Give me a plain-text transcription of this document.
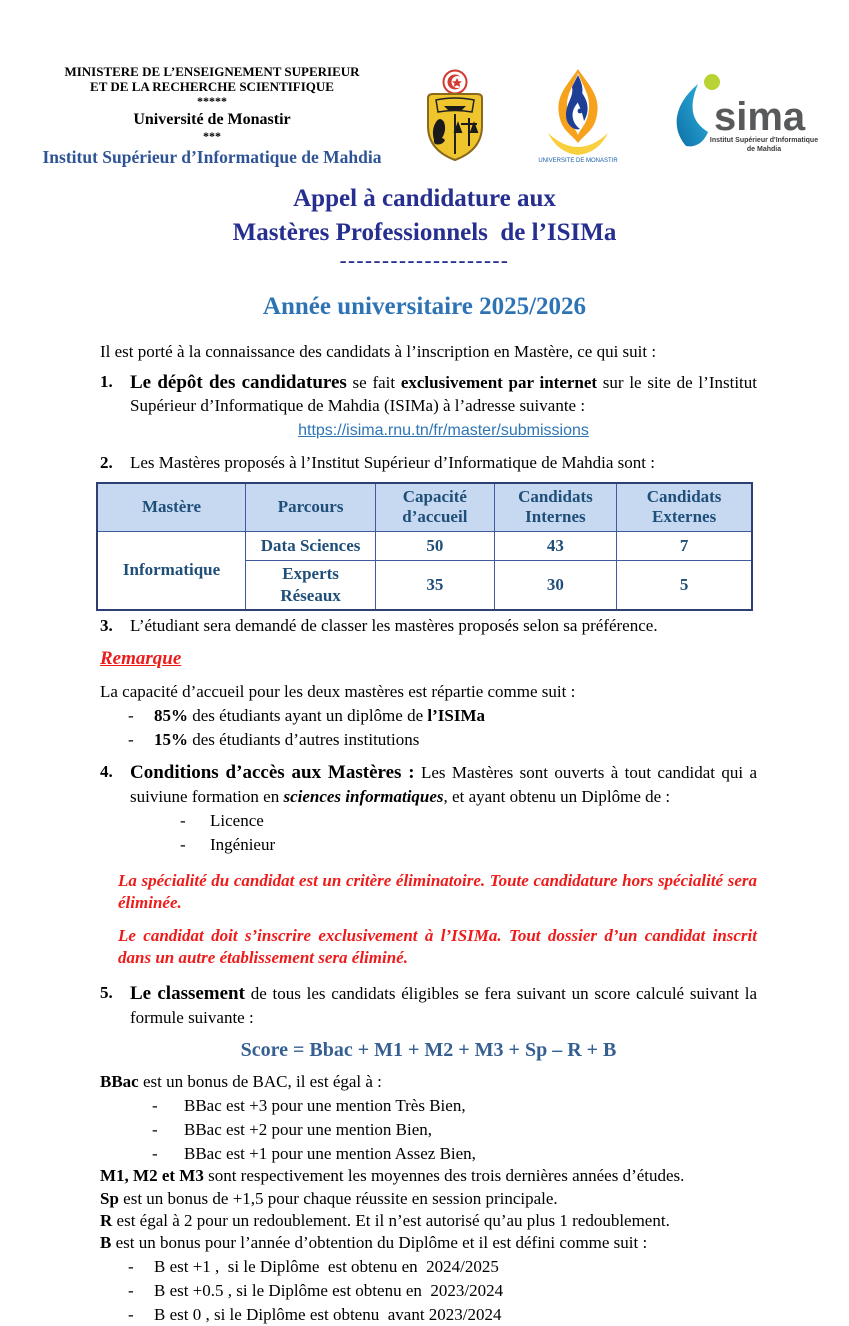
MINISTERE DE L’ENSEIGNEMENT SUPERIEUR
ET DE LA RECHERCHE SCIENTIFIQUE
*****
Université de Monastir
***
Institut Supérieur d’Informatique de Mahdia	UNIVERSITE DE MONASTIR
sima
Institut Supérieur d'Informatique
de Mahdia
Appel à candidature aux
Mastères Professionnels  de l’ISIMa
--------------------
Année universitaire 2025/2026
Il est porté à la connaissance des candidats à l’inscription en Mastère, ce qui suit :
1. Le dépôt des candidatures se fait exclusivement par internet sur le site de l’Institut Supérieur d’Informatique de Mahdia (ISIMa) à l’adresse suivante :
https://isima.rnu.tn/fr/master/submissions
2.	Les Mastères proposés à l’Institut Supérieur d’Informatique de Mahdia sont :
Mastère	Parcours	Capacité d’accueil	Candidats Internes	Candidats Externes
Informatique	Data Sciences	50	43	7
	Experts Réseaux	35	30	5
3.	L’étudiant sera demandé de classer les mastères proposés selon sa préférence.
Remarque
La capacité d’accueil pour les deux mastères est répartie comme suit :
-	85% des étudiants ayant un diplôme de l’ISIMa
-	15% des étudiants d’autres institutions
4. Conditions d’accès aux Mastères : Les Mastères sont ouverts à tout candidat qui a suiviune formation en sciences informatiques, et ayant obtenu un Diplôme de :
-	Licence
-	Ingénieur
La spécialité du candidat est un critère éliminatoire. Toute candidature hors spécialité sera éliminée.
Le candidat doit s’inscrire exclusivement à l’ISIMa. Tout dossier d’un candidat inscrit dans un autre établissement sera éliminé.
5. Le classement de tous les candidats éligibles se fera suivant un score calculé suivant la formule suivante :
Score = Bbac + M1 + M2 + M3 + Sp – R + B
BBac est un bonus de BAC, il est égal à :
-	BBac est +3 pour une mention Très Bien,
-	BBac est +2 pour une mention Bien,
-	BBac est +1 pour une mention Assez Bien,
M1, M2 et M3 sont respectivement les moyennes des trois dernières années d’études.
Sp est un bonus de +1,5 pour chaque réussite en session principale.
R est égal à 2 pour un redoublement. Et il n’est autorisé qu’au plus 1 redoublement.
B est un bonus pour l’année d’obtention du Diplôme et il est défini comme suit :
-	B est +1 ,  si le Diplôme  est obtenu en  2024/2025
-	B est +0.5 , si le Diplôme est obtenu en  2023/2024
-	B est 0 , si le Diplôme est obtenu  avant 2023/2024
